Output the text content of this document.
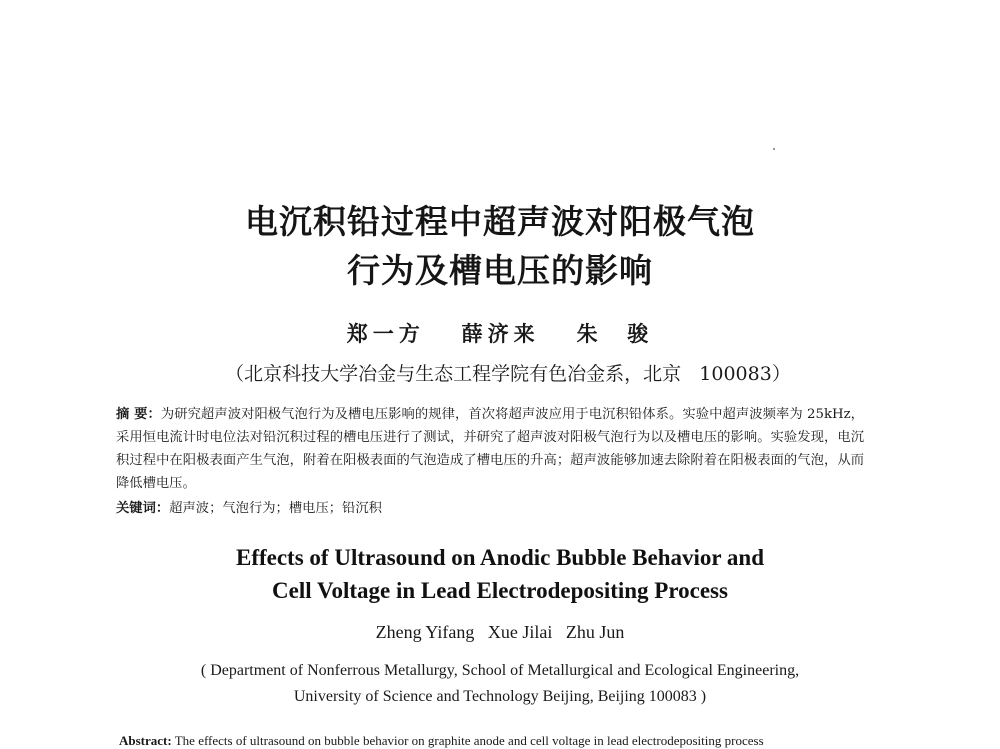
电沉积铅过程中超声波对阳极气泡
行为及槽电压的影响
郑一方   薛济来   朱  骏
（北京科技大学冶金与生态工程学院有色冶金系，北京   100083）
摘 要：为研究超声波对阳极气泡行为及槽电压影响的规律，首次将超声波应用于电沉积铅体系。实验中超声波频率为 25kHz，采用恒电流计时电位法对铅沉积过程的槽电压进行了测试，并研究了超声波对阳极气泡行为以及槽电压的影响。实验发现，电沉积过程中在阳极表面产生气泡，附着在阳极表面的气泡造成了槽电压的升高；超声波能够加速去除附着在阳极表面的气泡，从而降低槽电压。
关键词：超声波；气泡行为；槽电压；铅沉积
Effects of Ultrasound on Anodic Bubble Behavior and
Cell Voltage in Lead Electrodepositing Process
Zheng Yifang   Xue Jilai   Zhu Jun
( Department of Nonferrous Metallurgy, School of Metallurgical and Ecological Engineering,
University of Science and Technology Beijing, Beijing 100083 )
Abstract: The effects of ultrasound on bubble behavior on graphite anode and cell voltage in lead electrodepositing process
